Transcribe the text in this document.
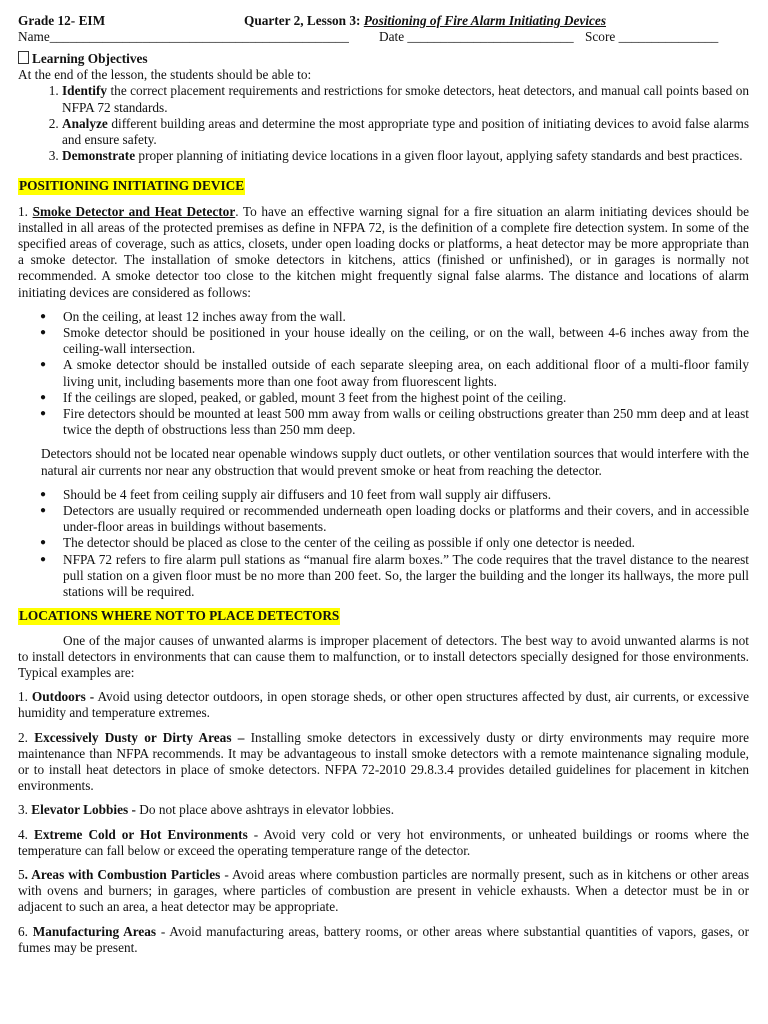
Grade 12- EIM	Quarter 2, Lesson 3: Positioning of Fire Alarm Initiating Devices
Name_____________________________________________	Date _________________________ Score _______________
Learning Objectives

At the end of the lesson, the students should be able to:

1. Identify the correct placement requirements and restrictions for smoke detectors, heat detectors, and manual call points based on NFPA 72 standards.
2. Analyze different building areas and determine the most appropriate type and position of initiating devices to avoid false alarms and ensure safety.
3. Demonstrate proper planning of initiating device locations in a given floor layout, applying safety standards and best practices.
POSITIONING INITIATING DEVICE

1. Smoke Detector and Heat Detector. To have an effective warning signal for a fire situation an alarm initiating devices should be installed in all areas of the protected premises as define in NFPA 72, is the definition of a complete fire detection system. In some of the specified areas of coverage, such as attics, closets, under open loading docks or platforms, a heat detector may be more appropriate than a smoke detector. The installation of smoke detectors in kitchens, attics (finished or unfinished), or in garages is normally not recommended. A smoke detector too close to the kitchen might frequently signal false alarms. The distance and locations of alarm initiating devices are considered as follows:

● On the ceiling, at least 12 inches away from the wall.
● Smoke detector should be positioned in your house ideally on the ceiling, or on the wall, between 4-6 inches away from the ceiling-wall intersection.
● A smoke detector should be installed outside of each separate sleeping area, on each additional floor of a multi-floor family living unit, including basements more than one foot away from fluorescent lights.
● If the ceilings are sloped, peaked, or gabled, mount 3 feet from the highest point of the ceiling.
● Fire detectors should be mounted at least 500 mm away from walls or ceiling obstructions greater than 250 mm deep and at least twice the depth of obstructions less than 250 mm deep.

Detectors should not be located near openable windows supply duct outlets, or other ventilation sources that would interfere with the natural air currents nor near any obstruction that would prevent smoke or heat from reaching the detector.

● Should be 4 feet from ceiling supply air diffusers and 10 feet from wall supply air diffusers.
● Detectors are usually required or recommended underneath open loading docks or platforms and their covers, and in accessible under-floor areas in buildings without basements.
● The detector should be placed as close to the center of the ceiling as possible if only one detector is needed.
● NFPA 72 refers to fire alarm pull stations as “manual fire alarm boxes.” The code requires that the travel distance to the nearest pull station on a given floor must be no more than 200 feet. So, the larger the building and the longer its hallways, the more pull stations will be required.
LOCATIONS WHERE NOT TO PLACE DETECTORS

One of the major causes of unwanted alarms is improper placement of detectors. The best way to avoid unwanted alarms is not to install detectors in environments that can cause them to malfunction, or to install detectors specially designed for those environments. Typical examples are:

1. Outdoors - Avoid using detector outdoors, in open storage sheds, or other open structures affected by dust, air currents, or excessive humidity and temperature extremes.

2. Excessively Dusty or Dirty Areas – Installing smoke detectors in excessively dusty or dirty environments may require more maintenance than NFPA recommends. It may be advantageous to install smoke detectors with a remote maintenance signaling module, or to install heat detectors in place of smoke detectors. NFPA 72-2010 29.8.3.4 provides detailed guidelines for placement in kitchen environments.

3. Elevator Lobbies - Do not place above ashtrays in elevator lobbies.

4. Extreme Cold or Hot Environments - Avoid very cold or very hot environments, or unheated buildings or rooms where the temperature can fall below or exceed the operating temperature range of the detector.

5. Areas with Combustion Particles - Avoid areas where combustion particles are normally present, such as in kitchens or other areas with ovens and burners; in garages, where particles of combustion are present in vehicle exhausts. When a detector must be in or adjacent to such an area, a heat detector may be appropriate.

6. Manufacturing Areas - Avoid manufacturing areas, battery rooms, or other areas where substantial quantities of vapors, gases, or fumes may be present.
